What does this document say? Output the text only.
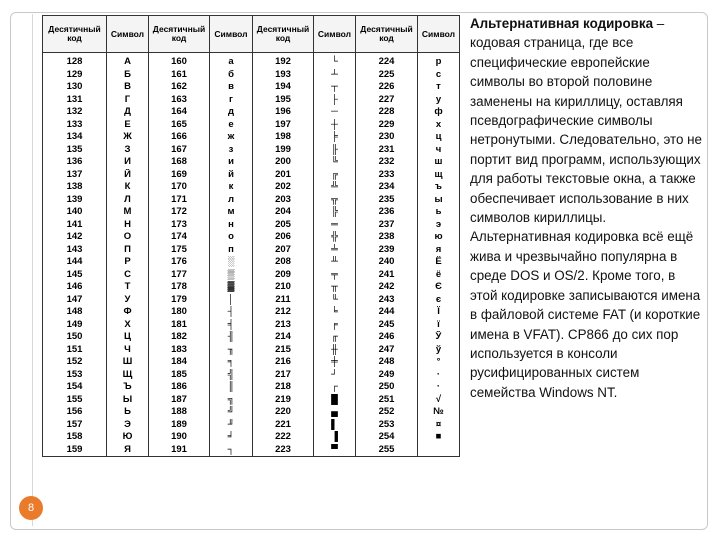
Десятичный код	Символ	Десятичный код	Символ	Десятичный код	Символ	Десятичный код	Символ
128	А	160	а	192	└	224	р
129	Б	161	б	193	┴	225	с
130	В	162	в	194	┬	226	т
131	Г	163	г	195	├	227	у
132	Д	164	д	196	─	228	ф
133	Е	165	е	197	┼	229	х
134	Ж	166	ж	198	╞	230	ц
135	З	167	з	199	╟	231	ч
136	И	168	и	200	╚	232	ш
137	Й	169	й	201	╔	233	щ
138	К	170	к	202	╩	234	ъ
139	Л	171	л	203	╦	235	ы
140	М	172	м	204	╠	236	ь
141	Н	173	н	205	═	237	э
142	О	174	о	206	╬	238	ю
143	П	175	п	207	╧	239	я
144	Р	176	░	208	╨	240	Ё
145	С	177	▒	209	╤	241	ё
146	Т	178	▓	210	╥	242	Є
147	У	179	│	211	╙	243	є
148	Ф	180	┤	212	╘	244	Ї
149	Х	181	╡	213	╒	245	ї
150	Ц	182	╢	214	╓	246	Ў
151	Ч	183	╖	215	╫	247	ў
152	Ш	184	╕	216	╪	248	°
153	Щ	185	╣	217	┘	249	·
154	Ъ	186	║	218	┌	250	·
155	Ы	187	╗	219	█	251	√
156	Ь	188	╝	220	▄	252	№
157	Э	189	╜	221	▌	253	¤
158	Ю	190	╛	222	▐	254	■
159	Я	191	┐	223	▀	255	

Альтернативная кодировка – кодовая страница, где все специфические европейские символы во второй половине заменены на кириллицу, оставляя псевдографические символы нетронутыми. Следовательно, это не портит вид программ, использующих для работы текстовые окна, а также обеспечивает использование в них символов кириллицы. Альтернативная кодировка всё ещё жива и чрезвычайно популярна в среде DOS и OS/2. Кроме того, в этой кодировке записываются имена в файловой системе FAT (и короткие имена в VFAT). CP866 до сих пор используется в консоли русифицированных систем семейства Windows NT.

8
